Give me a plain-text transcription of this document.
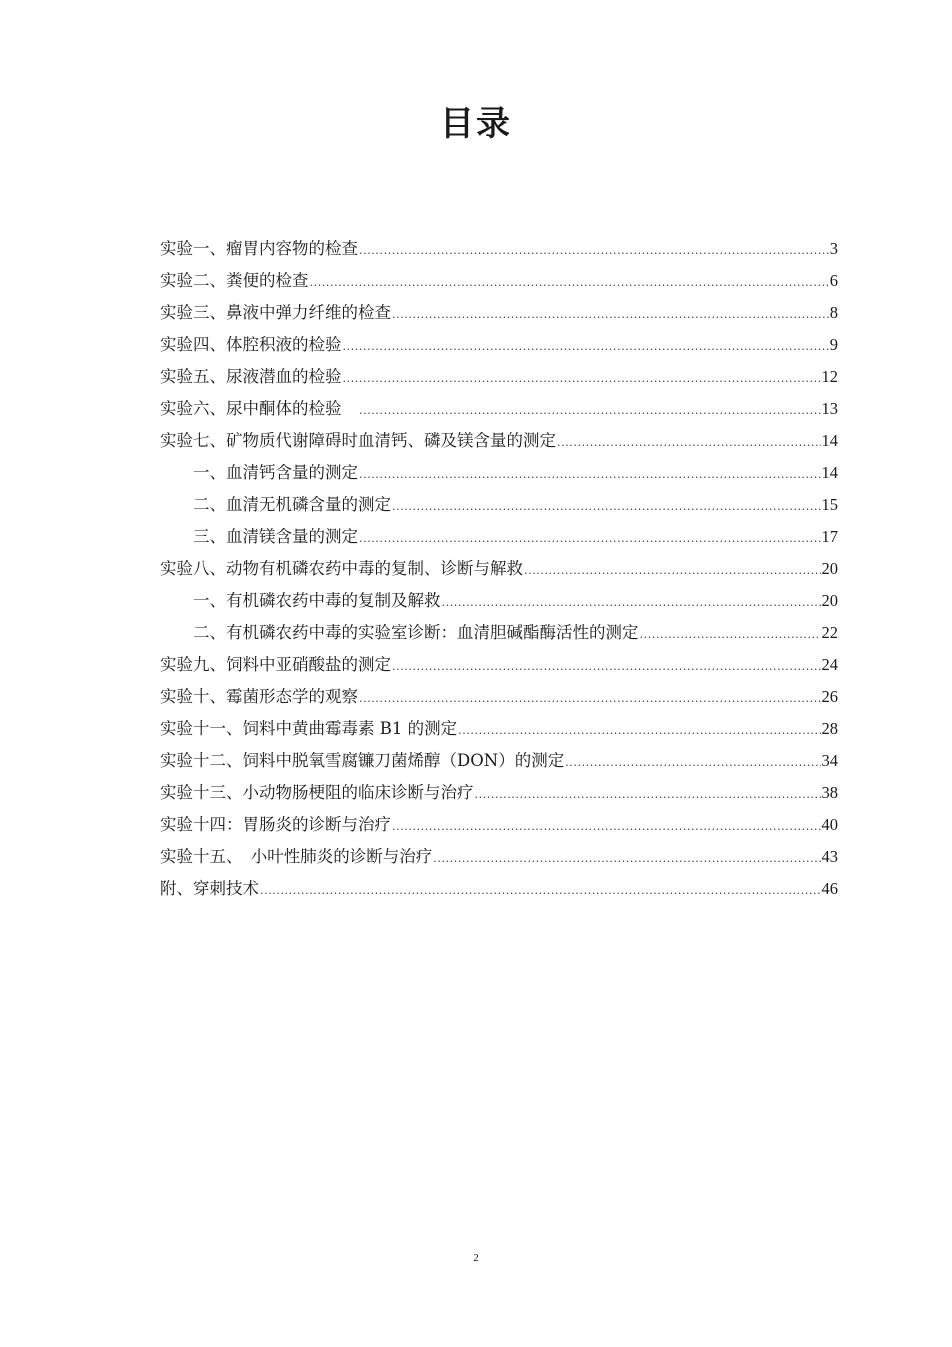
目录
实验一、瘤胃内容物的检查 .....	3
实验二、粪便的检查 .....	6
实验三、鼻液中弹力纤维的检查 .....	8
实验四、体腔积液的检验 .....	9
实验五、尿液潜血的检验 .....	12
实验六、尿中酮体的检验　 .....	13
实验七、矿物质代谢障碍时血清钙、磷及镁含量的测定 .....	14
一、血清钙含量的测定 .....	14
二、血清无机磷含量的测定 .....	15
三、血清镁含量的测定 .....	17
实验八、动物有机磷农药中毒的复制、诊断与解救 .....	20
一、有机磷农药中毒的复制及解救 .....	20
二、有机磷农药中毒的实验室诊断：血清胆碱酯酶活性的测定 .....	22
实验九、饲料中亚硝酸盐的测定 .....	24
实验十、霉菌形态学的观察 .....	26
实验十一、饲料中黄曲霉毒素 B1 的测定 .....	28
实验十二、饲料中脱氧雪腐镰刀菌烯醇（DON）的测定 .....	34
实验十三、小动物肠梗阻的临床诊断与治疗 .....	38
实验十四：胃肠炎的诊断与治疗 .....	40
实验十五、　小叶性肺炎的诊断与治疗 .....	43
附、穿刺技术 .....	46
2
